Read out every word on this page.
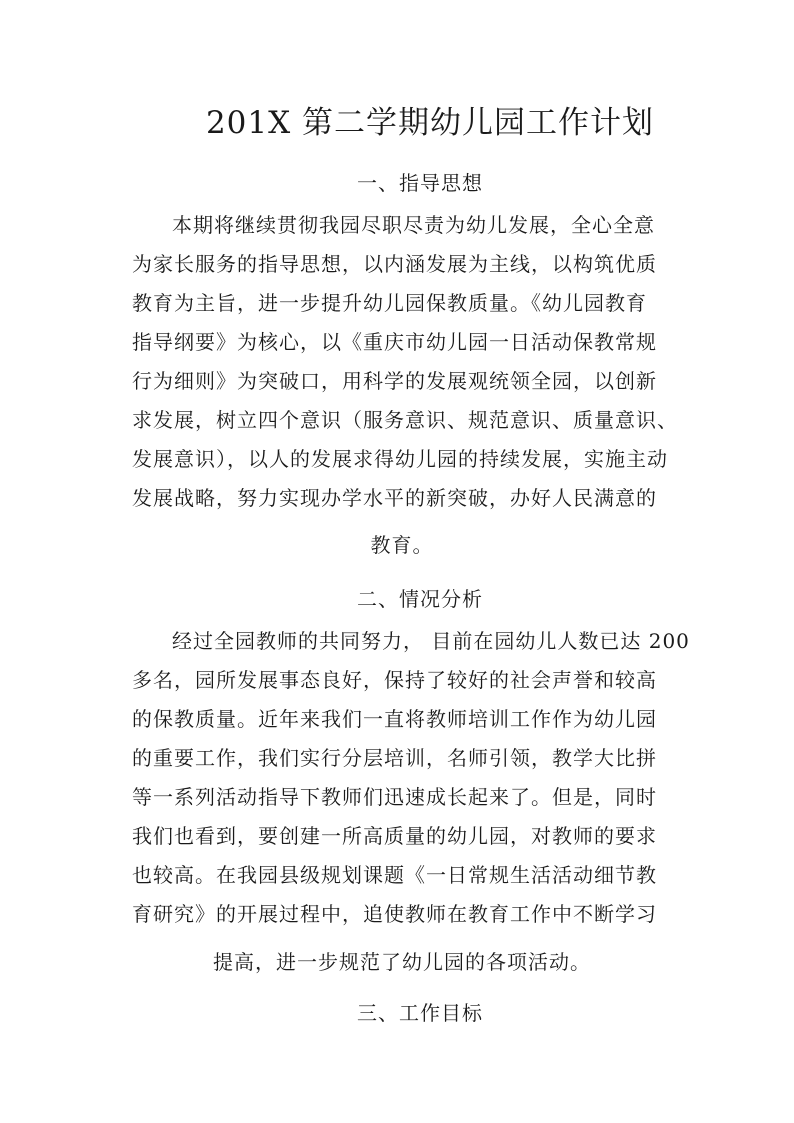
201X 第二学期幼儿园工作计划
一、指导思想
本期将继续贯彻我园尽职尽责为幼儿发展，全心全意
为家长服务的指导思想，以内涵发展为主线，以构筑优质
教育为主旨，进一步提升幼儿园保教质量。《幼儿园教育
指导纲要》为核心，以《重庆市幼儿园一日活动保教常规
行为细则》为突破口，用科学的发展观统领全园，以创新
求发展，树立四个意识（服务意识、规范意识、质量意识、
发展意识），以人的发展求得幼儿园的持续发展，实施主动
发展战略，努力实现办学水平的新突破，办好人民满意的
教育。
二、情况分析
经过全园教师的共同努力， 目前在园幼儿人数已达 200
多名，园所发展事态良好，保持了较好的社会声誉和较高
的保教质量。近年来我们一直将教师培训工作作为幼儿园
的重要工作，我们实行分层培训，名师引领，教学大比拼
等一系列活动指导下教师们迅速成长起来了。但是，同时
我们也看到，要创建一所高质量的幼儿园，对教师的要求
也较高。在我园县级规划课题《一日常规生活活动细节教
育研究》的开展过程中，追使教师在教育工作中不断学习
提高，进一步规范了幼儿园的各项活动。
三、工作目标
